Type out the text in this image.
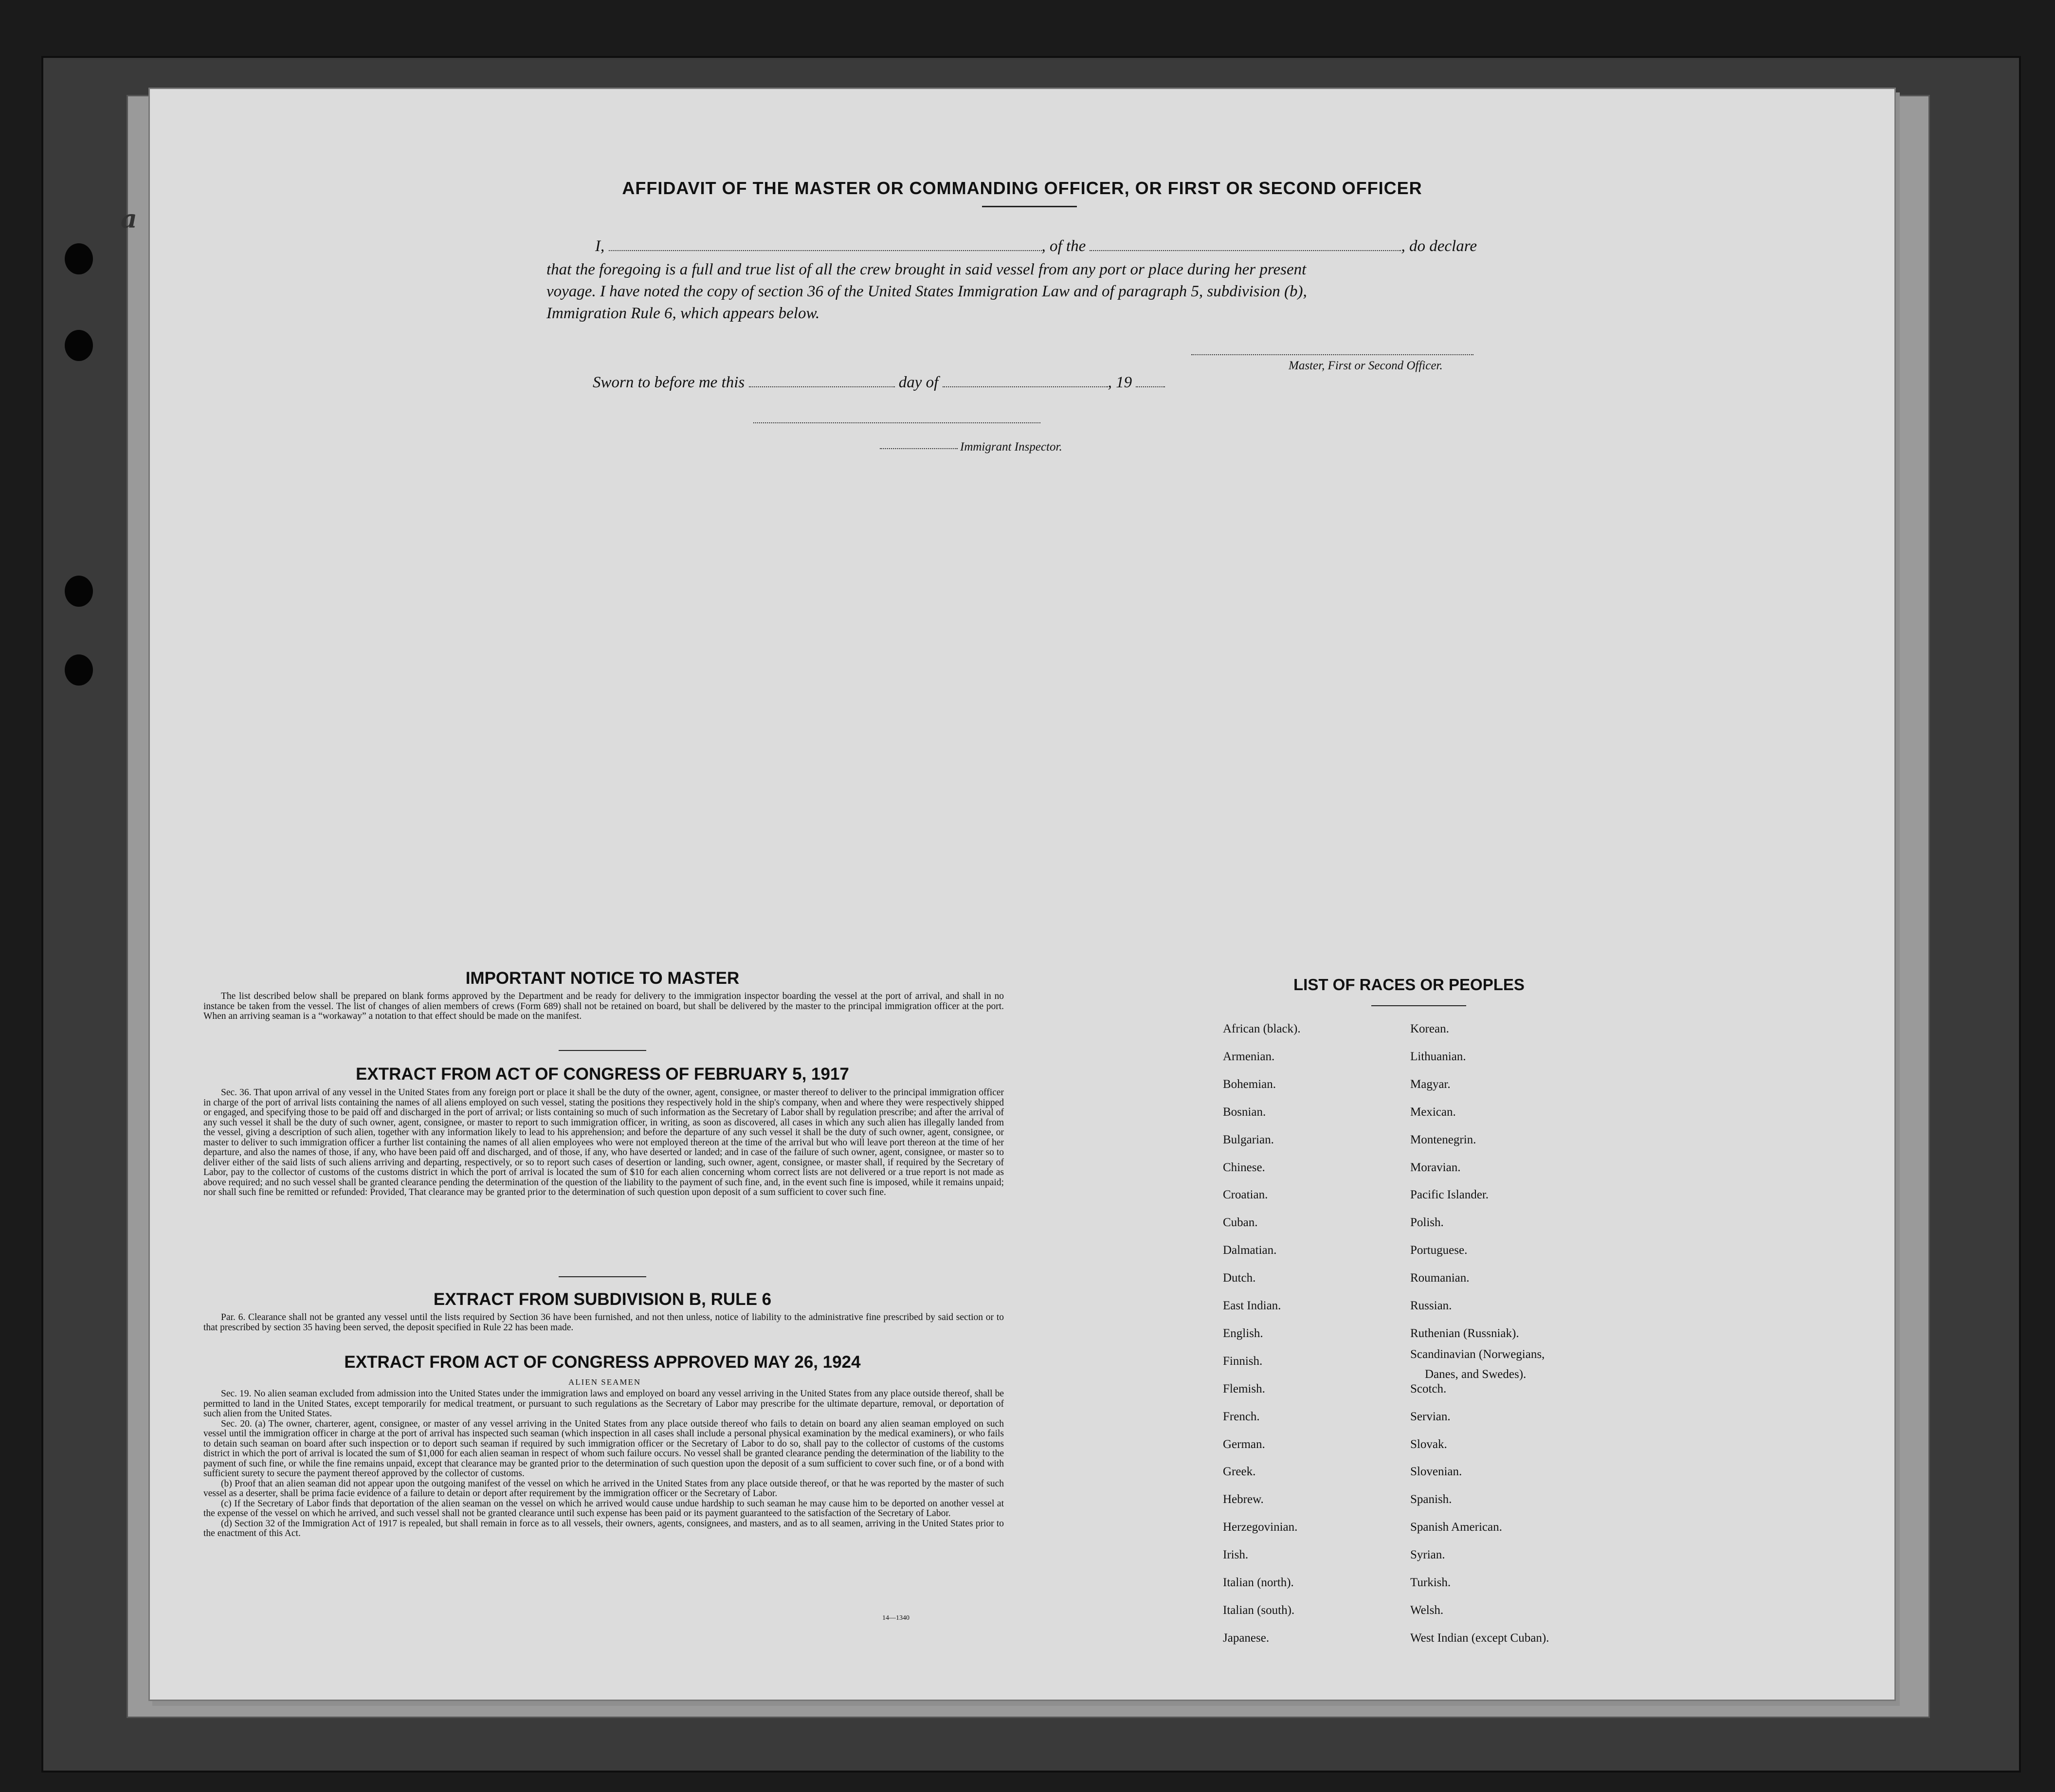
a
AFFIDAVIT OF THE MASTER OR COMMANDING OFFICER, OR FIRST OR SECOND OFFICER
I,	, of the	, do declare
that the foregoing is a full and true list of all the crew brought in said vessel from any port or place during her present
voyage. I have noted the copy of section 36 of the United States Immigration Law and of paragraph 5, subdivision (b),
Immigration Rule 6, which appears below.
Master, First or Second Officer.
Sworn to before me this	day of	, 19
Immigrant Inspector.
IMPORTANT NOTICE TO MASTER
The list described below shall be prepared on blank forms approved by the Department and be ready for delivery to the immigration inspector boarding the vessel at the port of arrival, and shall in no instance be taken from the vessel. The list of changes of alien members of crews (Form 689) shall not be retained on board, but shall be delivered by the master to the principal immigration officer at the port. When an arriving seaman is a “workaway” a notation to that effect should be made on the manifest.
EXTRACT FROM ACT OF CONGRESS OF FEBRUARY 5, 1917
Sec. 36. That upon arrival of any vessel in the United States from any foreign port or place it shall be the duty of the owner, agent, consignee, or master thereof to deliver to the principal immigration officer in charge of the port of arrival lists containing the names of all aliens employed on such vessel, stating the positions they respectively hold in the ship's company, when and where they were respectively shipped or engaged, and specifying those to be paid off and discharged in the port of arrival; or lists containing so much of such information as the Secretary of Labor shall by regulation prescribe; and after the arrival of any such vessel it shall be the duty of such owner, agent, consignee, or master to report to such immigration officer, in writing, as soon as discovered, all cases in which any such alien has illegally landed from the vessel, giving a description of such alien, together with any information likely to lead to his apprehension; and before the departure of any such vessel it shall be the duty of such owner, agent, consignee, or master to deliver to such immigration officer a further list containing the names of all alien employees who were not employed thereon at the time of the arrival but who will leave port thereon at the time of her departure, and also the names of those, if any, who have been paid off and discharged, and of those, if any, who have deserted or landed; and in case of the failure of such owner, agent, consignee, or master so to deliver either of the said lists of such aliens arriving and departing, respectively, or so to report such cases of desertion or landing, such owner, agent, consignee, or master shall, if required by the Secretary of Labor, pay to the collector of customs of the customs district in which the port of arrival is located the sum of $10 for each alien concerning whom correct lists are not delivered or a true report is not made as above required; and no such vessel shall be granted clearance pending the determination of the question of the liability to the payment of such fine, and, in the event such fine is imposed, while it remains unpaid; nor shall such fine be remitted or refunded: Provided, That clearance may be granted prior to the determination of such question upon deposit of a sum sufficient to cover such fine.
EXTRACT FROM SUBDIVISION B, RULE 6
Par. 6. Clearance shall not be granted any vessel until the lists required by Section 36 have been furnished, and not then unless, notice of liability to the administrative fine prescribed by said section or to that prescribed by section 35 having been served, the deposit specified in Rule 22 has been made.
EXTRACT FROM ACT OF CONGRESS APPROVED MAY 26, 1924
ALIEN SEAMEN

Sec. 19. No alien seaman excluded from admission into the United States under the immigration laws and employed on board any vessel arriving in the United States from any place outside thereof, shall be permitted to land in the United States, except temporarily for medical treatment, or pursuant to such regulations as the Secretary of Labor may prescribe for the ultimate departure, removal, or deportation of such alien from the United States.

Sec. 20. (a) The owner, charterer, agent, consignee, or master of any vessel arriving in the United States from any place outside thereof who fails to detain on board any alien seaman employed on such vessel until the immigration officer in charge at the port of arrival has inspected such seaman (which inspection in all cases shall include a personal physical examination by the medical examiners), or who fails to detain such seaman on board after such inspection or to deport such seaman if required by such immigration officer or the Secretary of Labor to do so, shall pay to the collector of customs of the customs district in which the port of arrival is located the sum of $1,000 for each alien seaman in respect of whom such failure occurs. No vessel shall be granted clearance pending the determination of the liability to the payment of such fine, or while the fine remains unpaid, except that clearance may be granted prior to the determination of such question upon the deposit of a sum sufficient to cover such fine, or of a bond with sufficient surety to secure the payment thereof approved by the collector of customs.

(b) Proof that an alien seaman did not appear upon the outgoing manifest of the vessel on which he arrived in the United States from any place outside thereof, or that he was reported by the master of such vessel as a deserter, shall be prima facie evidence of a failure to detain or deport after requirement by the immigration officer or the Secretary of Labor.

(c) If the Secretary of Labor finds that deportation of the alien seaman on the vessel on which he arrived would cause undue hardship to such seaman he may cause him to be deported on another vessel at the expense of the vessel on which he arrived, and such vessel shall not be granted clearance until such expense has been paid or its payment guaranteed to the satisfaction of the Secretary of Labor.

(d) Section 32 of the Immigration Act of 1917 is repealed, but shall remain in force as to all vessels, their owners, agents, consignees, and masters, and as to all seamen, arriving in the United States prior to the enactment of this Act.

14—1340
LIST OF RACES OR PEOPLES
African (black).
Armenian.
Bohemian.
Bosnian.
Bulgarian.
Chinese.
Croatian.
Cuban.
Dalmatian.
Dutch.
East Indian.
English.
Finnish.
Flemish.
French.
German.
Greek.
Hebrew.
Herzegovinian.
Irish.
Italian (north).
Italian (south).
Japanese.
Korean.
Lithuanian.
Magyar.
Mexican.
Montenegrin.
Moravian.
Pacific Islander.
Polish.
Portuguese.
Roumanian.
Russian.
Ruthenian (Russniak).
Scandinavian (Norwegians,
Danes, and Swedes).
Scotch.
Servian.
Slovak.
Slovenian.
Spanish.
Spanish American.
Syrian.
Turkish.
Welsh.
West Indian (except Cuban).
